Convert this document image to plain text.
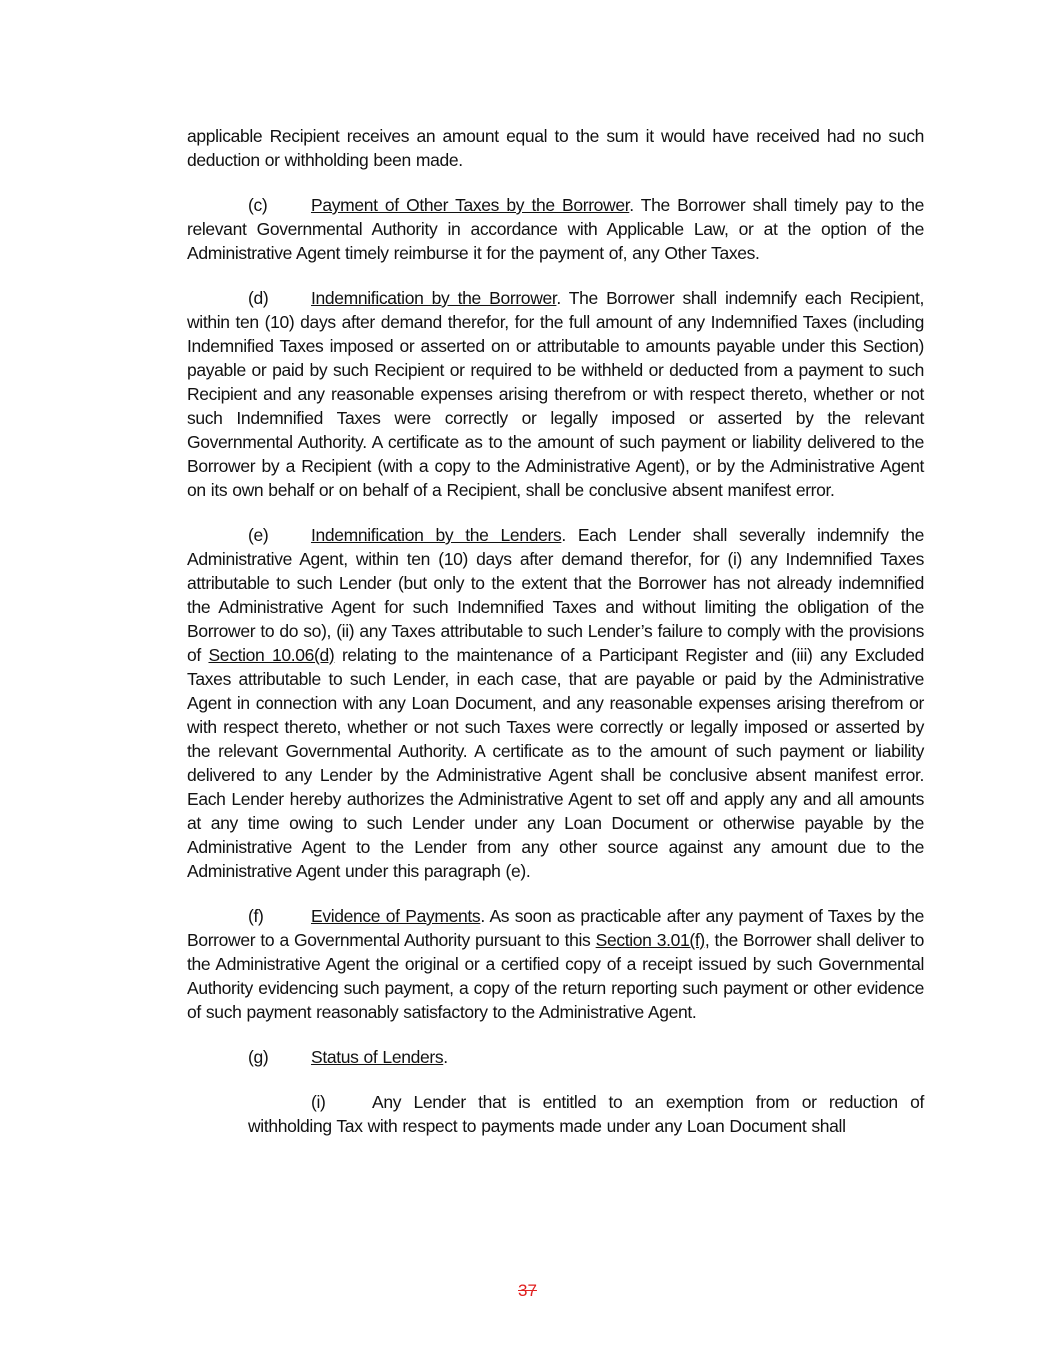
applicable Recipient receives an amount equal to the sum it would have received had no such deduction or withholding been made.

(c) Payment of Other Taxes by the Borrower. The Borrower shall timely pay to the relevant Governmental Authority in accordance with Applicable Law, or at the option of the Administrative Agent timely reimburse it for the payment of, any Other Taxes.

(d) Indemnification by the Borrower. The Borrower shall indemnify each Recipient, within ten (10) days after demand therefor, for the full amount of any Indemnified Taxes (including Indemnified Taxes imposed or asserted on or attributable to amounts payable under this Section) payable or paid by such Recipient or required to be withheld or deducted from a payment to such Recipient and any reasonable expenses arising therefrom or with respect thereto, whether or not such Indemnified Taxes were correctly or legally imposed or asserted by the relevant Governmental Authority. A certificate as to the amount of such payment or liability delivered to the Borrower by a Recipient (with a copy to the Administrative Agent), or by the Administrative Agent on its own behalf or on behalf of a Recipient, shall be conclusive absent manifest error.

(e) Indemnification by the Lenders. Each Lender shall severally indemnify the Administrative Agent, within ten (10) days after demand therefor, for (i) any Indemnified Taxes attributable to such Lender (but only to the extent that the Borrower has not already indemnified the Administrative Agent for such Indemnified Taxes and without limiting the obligation of the Borrower to do so), (ii) any Taxes attributable to such Lender’s failure to comply with the provisions of Section 10.06(d) relating to the maintenance of a Participant Register and (iii) any Excluded Taxes attributable to such Lender, in each case, that are payable or paid by the Administrative Agent in connection with any Loan Document, and any reasonable expenses arising therefrom or with respect thereto, whether or not such Taxes were correctly or legally imposed or asserted by the relevant Governmental Authority. A certificate as to the amount of such payment or liability delivered to any Lender by the Administrative Agent shall be conclusive absent manifest error. Each Lender hereby authorizes the Administrative Agent to set off and apply any and all amounts at any time owing to such Lender under any Loan Document or otherwise payable by the Administrative Agent to the Lender from any other source against any amount due to the Administrative Agent under this paragraph (e).

(f)	Evidence of Payments. As soon as practicable after any payment of Taxes by the Borrower to a Governmental Authority pursuant to this Section 3.01(f), the Borrower shall deliver to the Administrative Agent the original or a certified copy of a receipt issued by such Governmental Authority evidencing such payment, a copy of the return reporting such payment or other evidence of such payment reasonably satisfactory to the Administrative Agent.

(g) Status of Lenders.

(i)	Any Lender that is entitled to an exemption from or reduction of withholding Tax with respect to payments made under any Loan Document shall

37
